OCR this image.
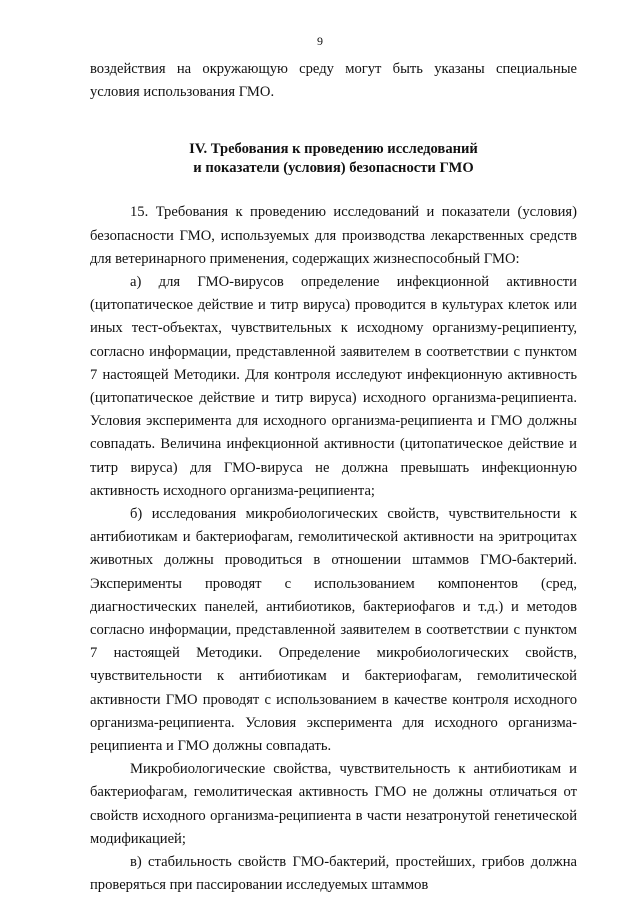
9

воздействия на окружающую среду могут быть указаны специальные условия использования ГМО.

IV. Требования к проведению исследований
и показатели (условия) безопасности ГМО

15. Требования к проведению исследований и показатели (условия) безопасности ГМО, используемых для производства лекарственных средств для ветеринарного применения, содержащих жизнеспособный ГМО:

а) для ГМО-вирусов определение инфекционной активности (цитопатическое действие и титр вируса) проводится в культурах клеток или иных тест-объектах, чувствительных к исходному организму-реципиенту, согласно информации, представленной заявителем в соответствии с пунктом 7 настоящей Методики. Для контроля исследуют инфекционную активность (цитопатическое действие и титр вируса) исходного организма-реципиента. Условия эксперимента для исходного организма-реципиента и ГМО должны совпадать. Величина инфекционной активности (цитопатическое действие и титр вируса) для ГМО-вируса не должна превышать инфекционную активность исходного организма-реципиента;

б) исследования микробиологических свойств, чувствительности к антибиотикам и бактериофагам, гемолитической активности на эритроцитах животных должны проводиться в отношении штаммов ГМО-бактерий. Эксперименты проводят с использованием компонентов (сред, диагностических панелей, антибиотиков, бактериофагов и т.д.) и методов согласно информации, представленной заявителем в соответствии с пунктом 7 настоящей Методики. Определение микробиологических свойств, чувствительности к антибиотикам и бактериофагам, гемолитической активности ГМО проводят с использованием в качестве контроля исходного организма-реципиента. Условия эксперимента для исходного организма-реципиента и ГМО должны совпадать.

Микробиологические свойства, чувствительность к антибиотикам и бактериофагам, гемолитическая активность ГМО не должны отличаться от свойств исходного организма-реципиента в части незатронутой генетической модификацией;

в) стабильность свойств ГМО-бактерий, простейших, грибов должна проверяться при пассировании исследуемых штаммов
